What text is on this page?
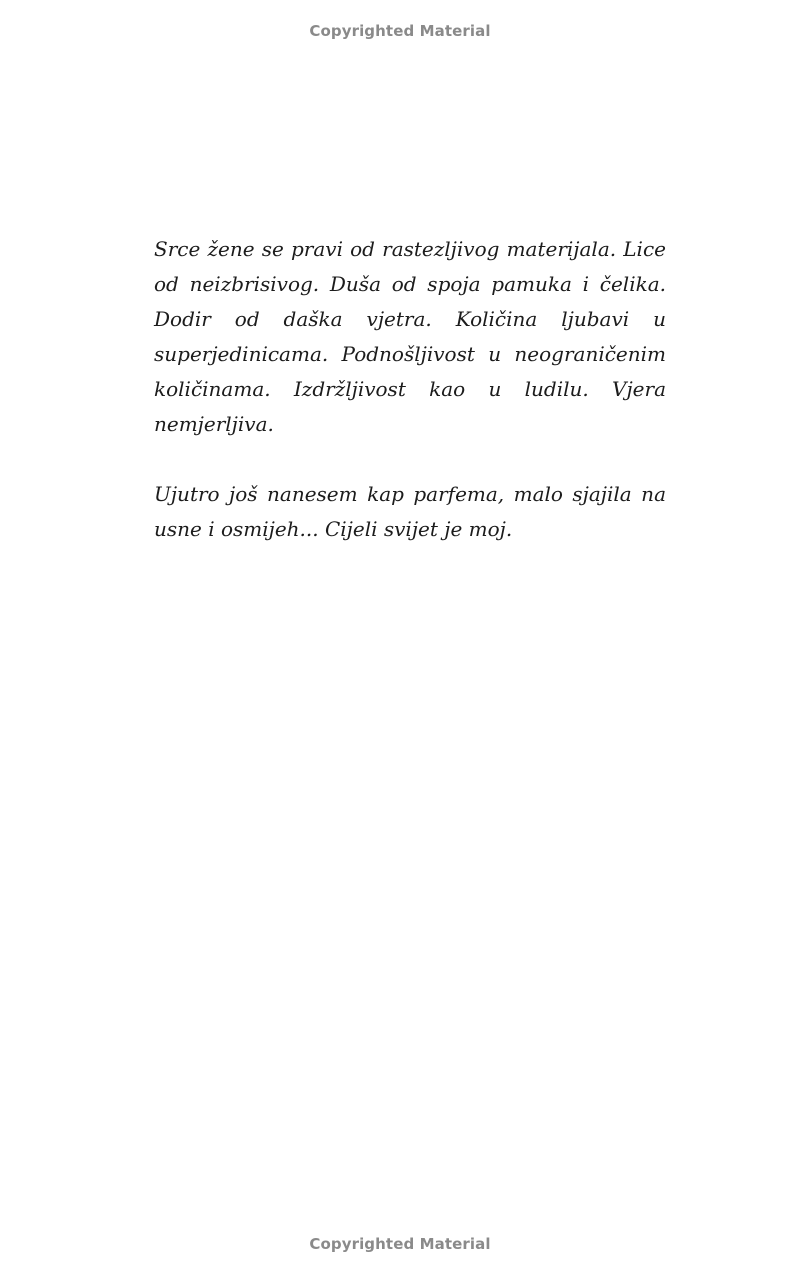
Copyrighted Material

Srce žene se pravi od rastezljivog materijala. Lice od neizbrisivog. Duša od spoja pamuka i čelika. Dodir od daška vjetra. Količina ljubavi u superjedinicama. Podnošljivost u neograničenim količinama. Izdržljivost kao u ludilu. Vjera nemjerljiva.

Ujutro još nanesem kap parfema, malo sjajila na usne i osmijeh... Cijeli svijet je moj.

Copyrighted Material
